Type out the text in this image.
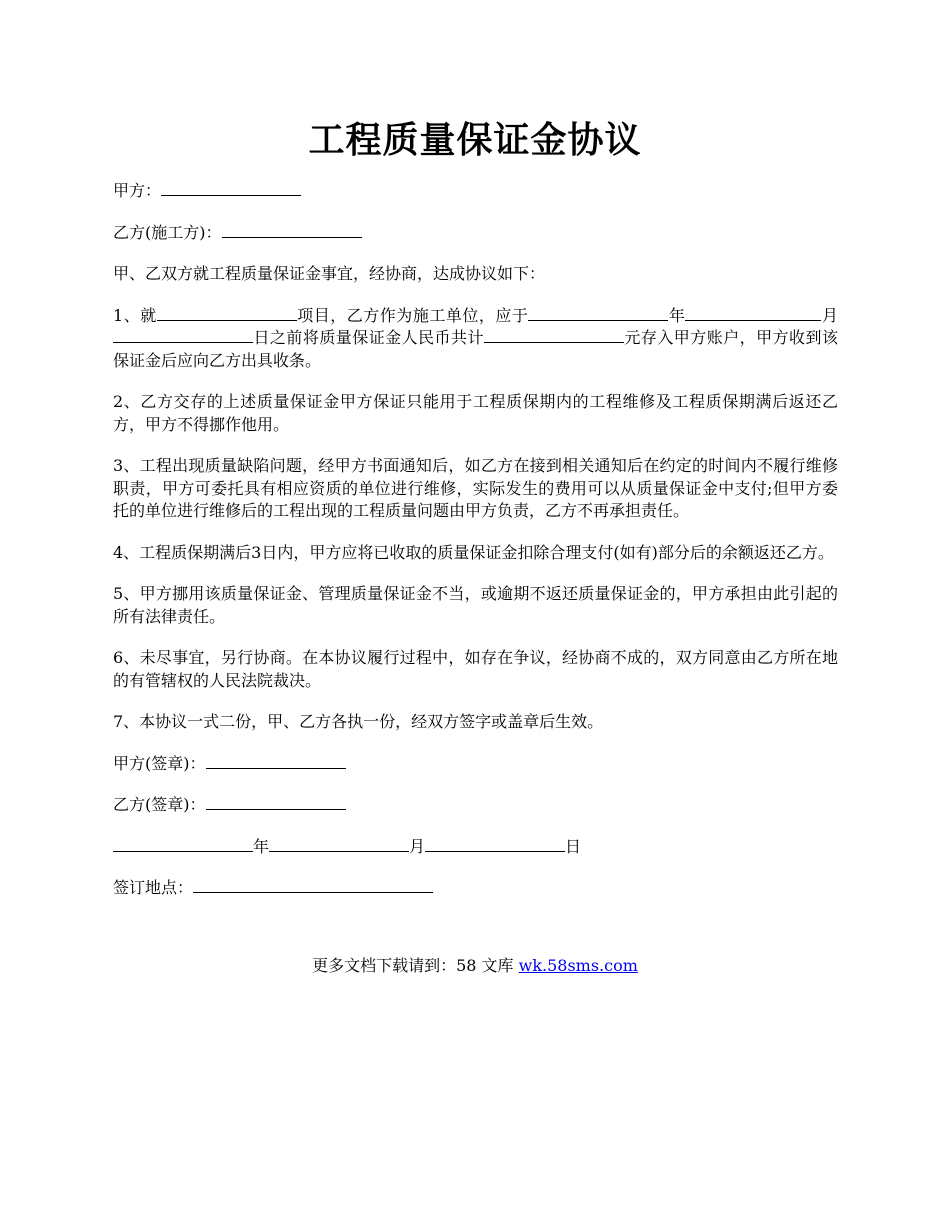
工程质量保证金协议
甲方：
乙方(施工方)：
甲、乙双方就工程质量保证金事宜，经协商，达成协议如下：
1、就	项目，乙方作为施工单位，应于	年	月日之前将质量保证金人民币共计	元存入甲方账户，甲方收到该保证金后应向乙方出具收条。
2、乙方交存的上述质量保证金甲方保证只能用于工程质保期内的工程维修及工程质保期满后返还乙方，甲方不得挪作他用。
3、工程出现质量缺陷问题，经甲方书面通知后，如乙方在接到相关通知后在约定的时间内不履行维修职责，甲方可委托具有相应资质的单位进行维修，实际发生的费用可以从质量保证金中支付;但甲方委托的单位进行维修后的工程出现的工程质量问题由甲方负责，乙方不再承担责任。
4、工程质保期满后3日内，甲方应将已收取的质量保证金扣除合理支付(如有)部分后的余额返还乙方。
5、甲方挪用该质量保证金、管理质量保证金不当，或逾期不返还质量保证金的，甲方承担由此引起的所有法律责任。
6、未尽事宜，另行协商。在本协议履行过程中，如存在争议，经协商不成的，双方同意由乙方所在地的有管辖权的人民法院裁决。
7、本协议一式二份，甲、乙方各执一份，经双方签字或盖章后生效。
甲方(签章)：
乙方(签章)：
年	月	日
签订地点：
更多文档下载请到：58 文库 wk.58sms.com
